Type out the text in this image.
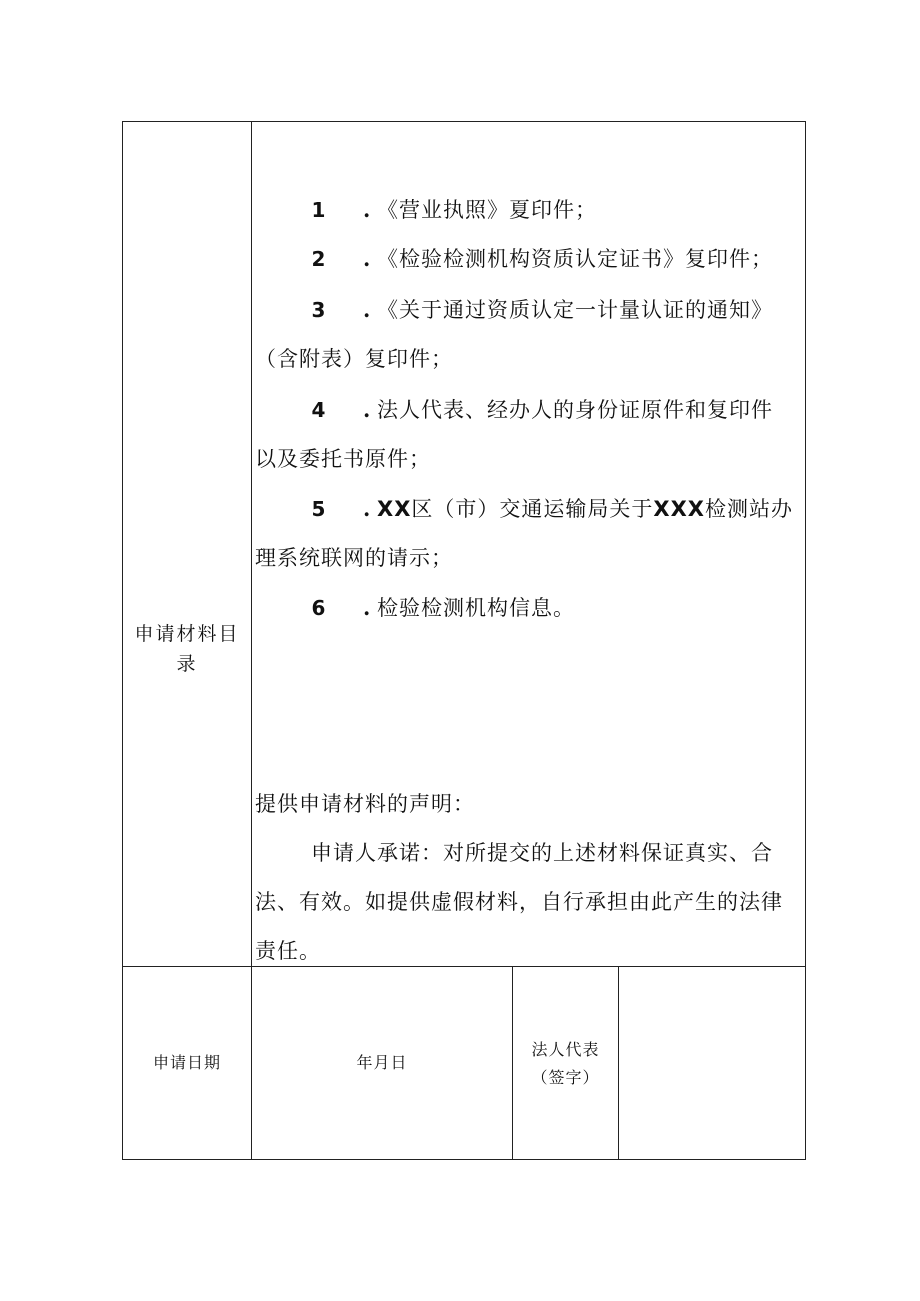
申请材料目录
1 . 《营业执照》夏印件；
2 . 《检验检测机构资质认定证书》复印件；
3 . 《关于通过资质认定一计量认证的通知》
（含附表）复印件；
4 . 法人代表、经办人的身份证原件和复印件
以及委托书原件；
5 . XX区（市）交通运输局关于XXX检测站办
理系统联网的请示；
6 . 检验检测机构信息。
提供申请材料的声明：
申请人承诺：对所提交的上述材料保证真实、合
法、有效。如提供虚假材料，自行承担由此产生的法律
责任。
申请日期	年月日
法人代表
（签字）
